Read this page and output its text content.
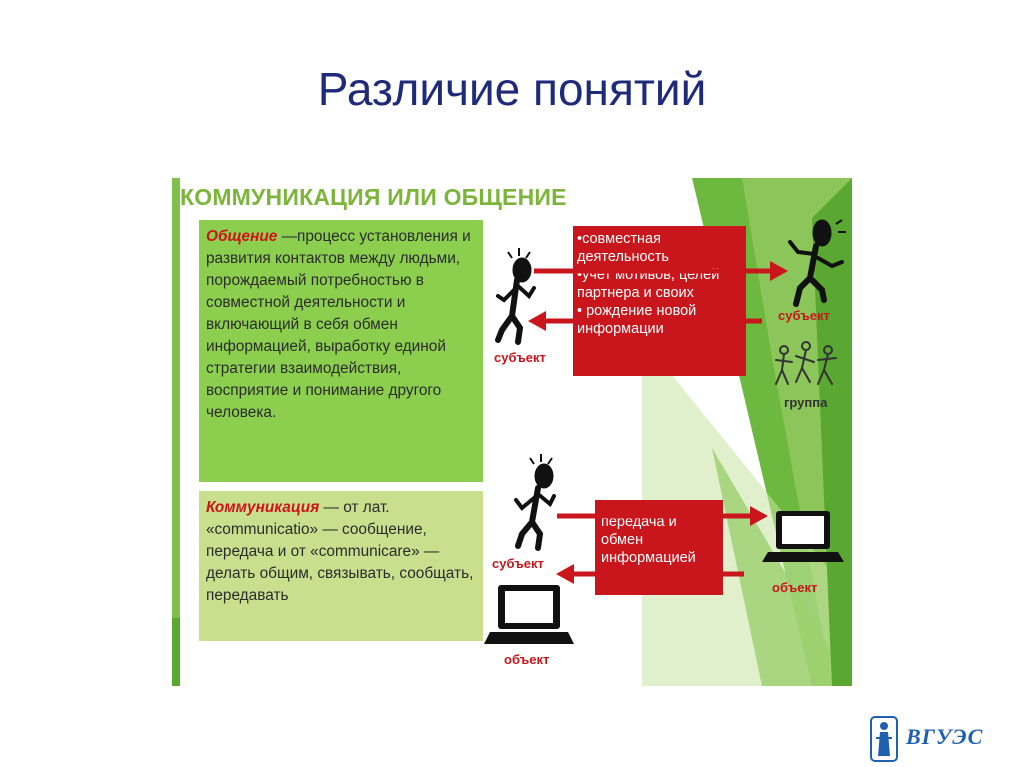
Различие понятий
КОММУНИКАЦИЯ ИЛИ ОБЩЕНИЕ
Общение —процесс установления и развития контактов между людьми, порождаемый потребностью в совместной деятельности и включающий в себя обмен информацией, выработку единой стратегии взаимодействия, восприятие и понимание другого человека.
Коммуникация — от лат. «communicatio» — сообщение, передача и от «communicare» — делать общим, связывать, сообщать, передавать
•совместная деятельность
•учет мотивов, целей партнера и своих
• рождение новой информации
передача и обмен информацией
субъект
субъект
группа
субъект
объект
объект
ВГУЭС
